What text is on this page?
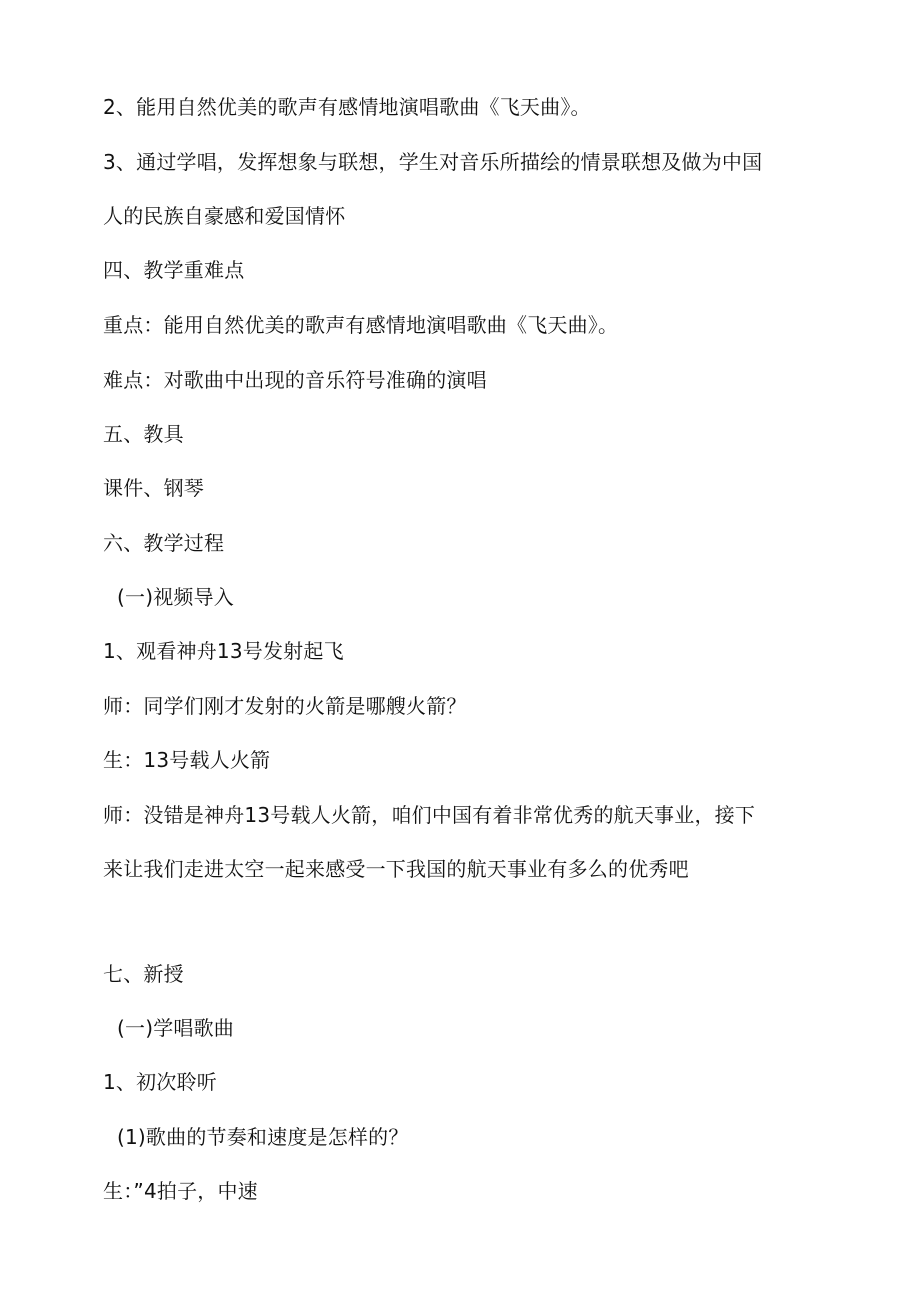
2、能用自然优美的歌声有感情地演唱歌曲《飞天曲》。
3、通过学唱，发挥想象与联想，学生对音乐所描绘的情景联想及做为中国
人的民族自豪感和爱国情怀
四、教学重难点
重点：能用自然优美的歌声有感情地演唱歌曲《飞天曲》。
难点：对歌曲中出现的音乐符号准确的演唱
五、教具
课件、钢琴
六、教学过程
(一)视频导入
1、观看神舟13号发射起飞
师：同学们刚才发射的火箭是哪艘火箭？
生：13号载人火箭
师：没错是神舟13号载人火箭，咱们中国有着非常优秀的航天事业，接下
来让我们走进太空一起来感受一下我国的航天事业有多么的优秀吧
七、新授
(一)学唱歌曲
1、初次聆听
(1)歌曲的节奏和速度是怎样的？
生：”4拍子，中速
